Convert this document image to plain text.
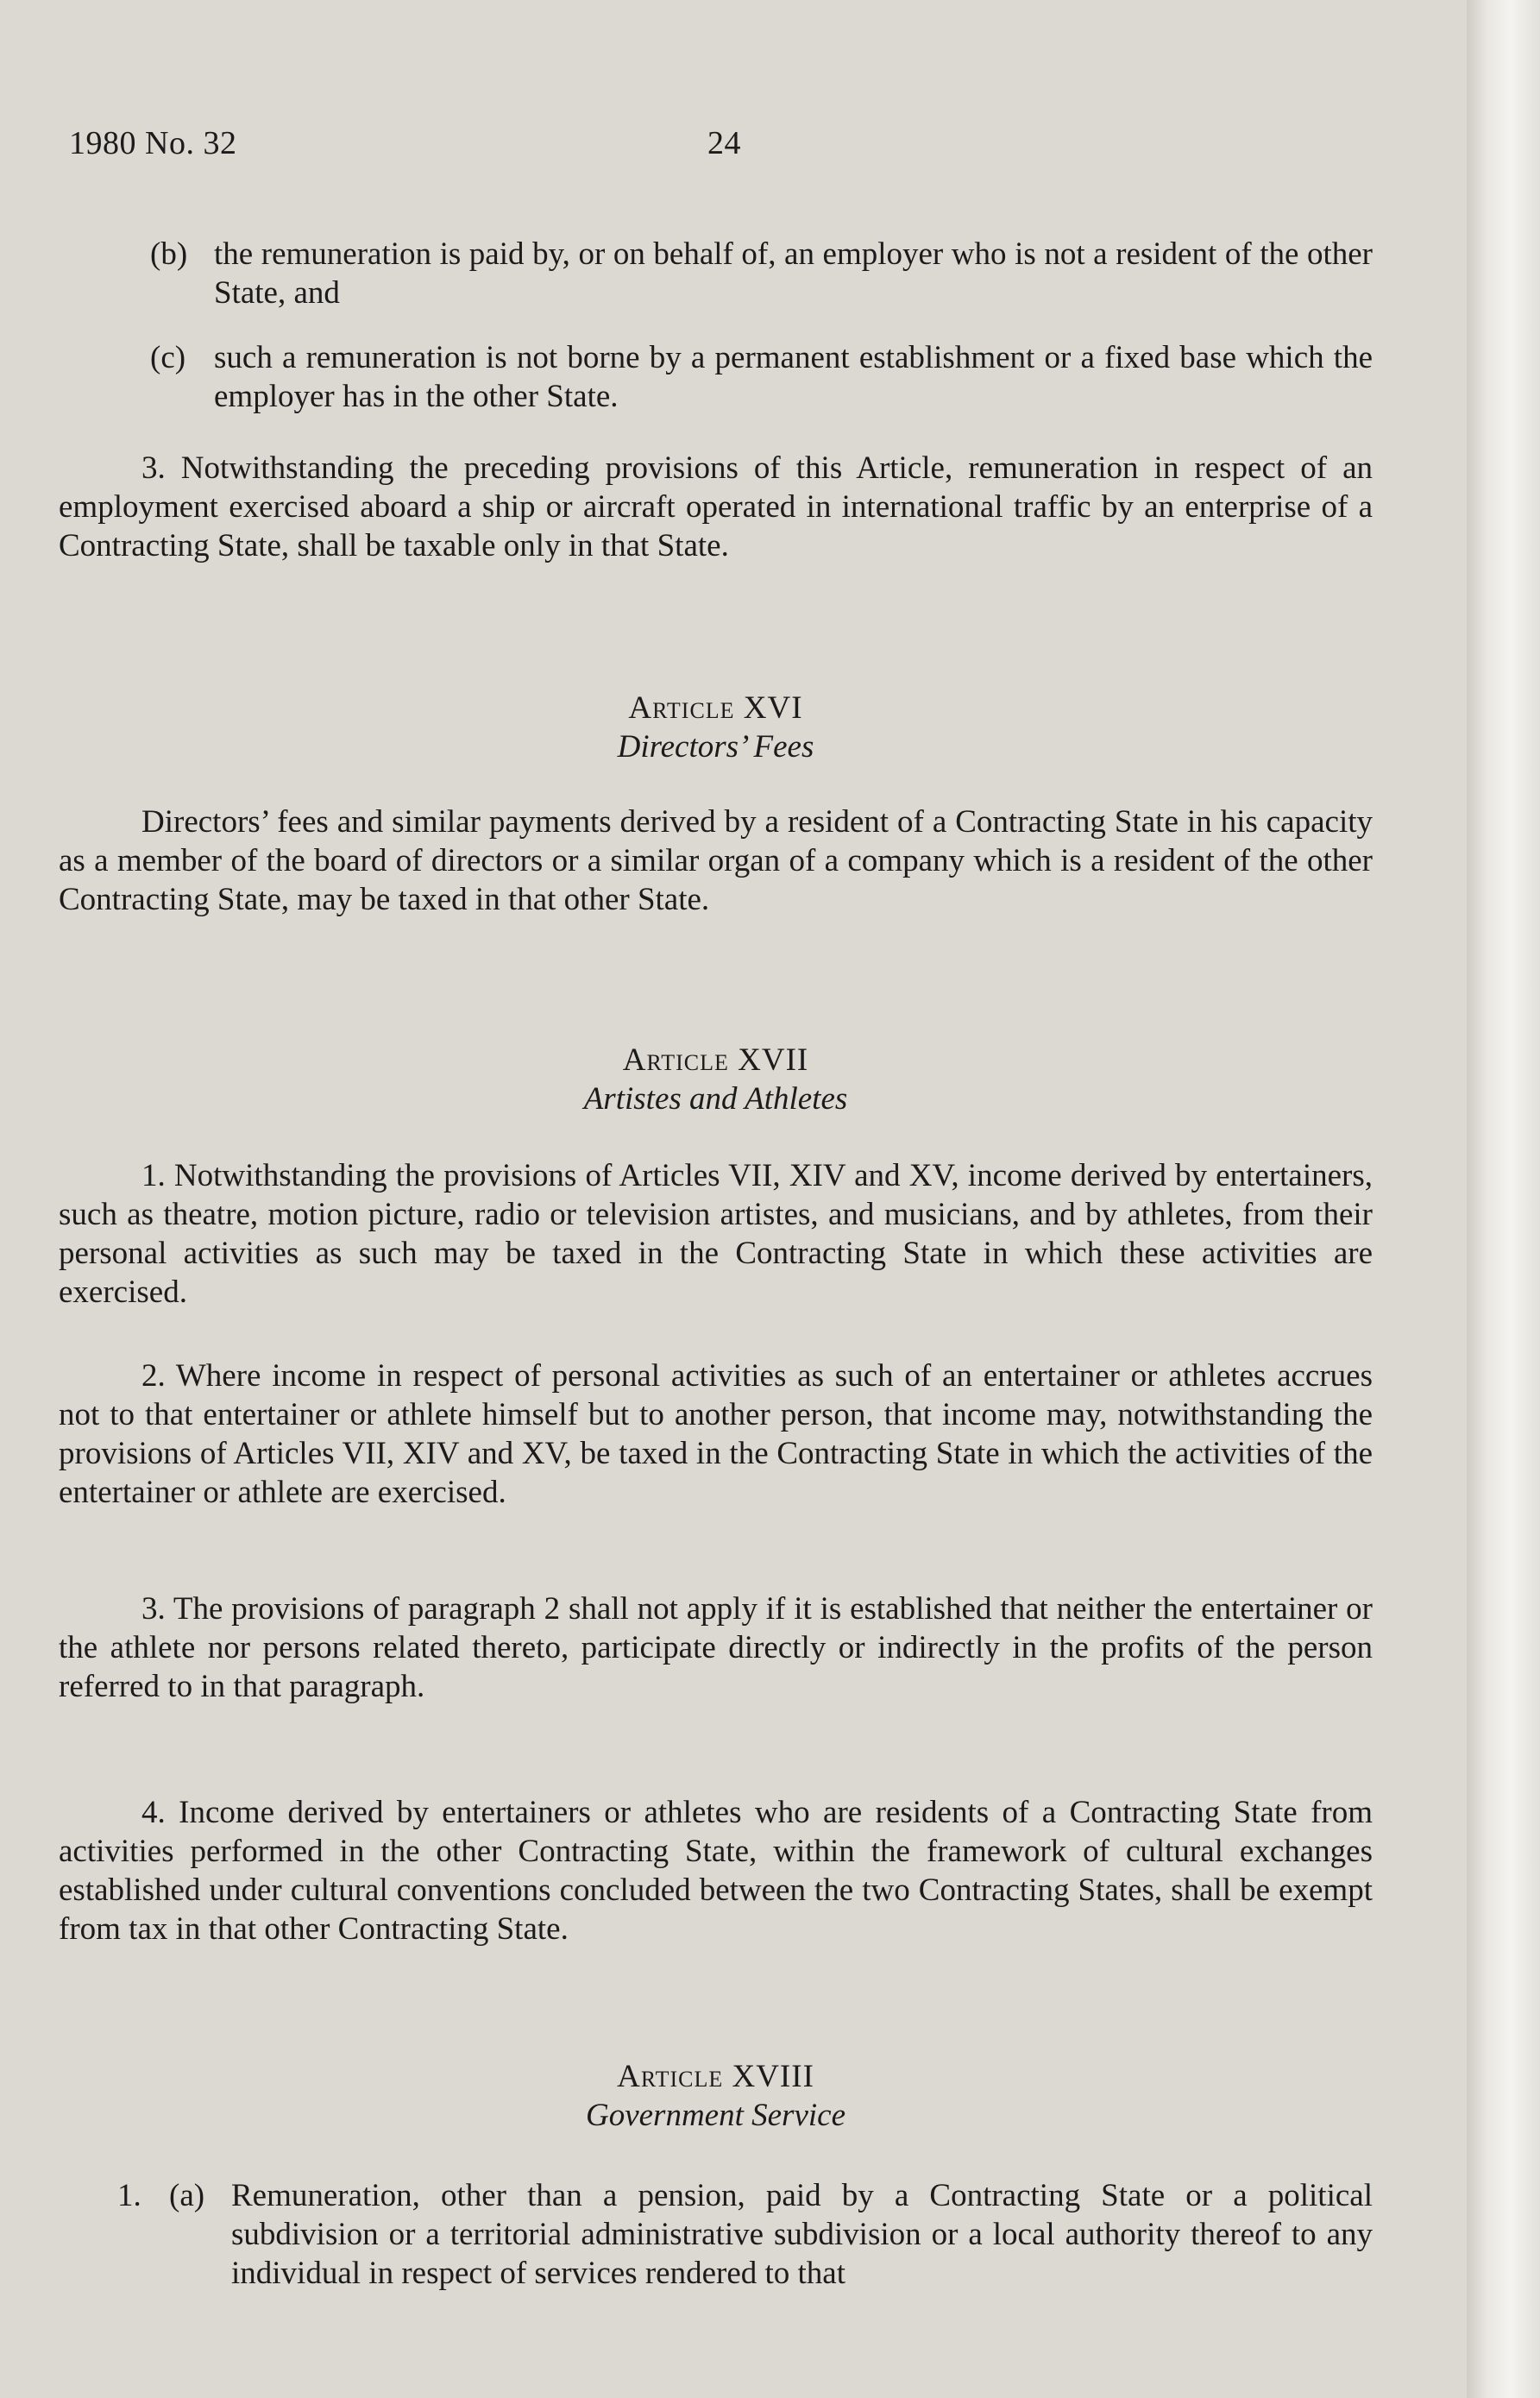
1980 No. 32	24
(b) the remuneration is paid by, or on behalf of, an employer who is not a resident of the other State, and
(c) such a remuneration is not borne by a permanent establishment or a fixed base which the employer has in the other State.

3. Notwithstanding the preceding provisions of this Article, remuneration in respect of an employment exercised aboard a ship or aircraft operated in international traffic by an enterprise of a Contracting State, shall be taxable only in that State.

Article XVI
Directors’ Fees

Directors’ fees and similar payments derived by a resident of a Contracting State in his capacity as a member of the board of directors or a similar organ of a company which is a resident of the other Contracting State, may be taxed in that other State.

Article XVII
Artistes and Athletes

1. Notwithstanding the provisions of Articles VII, XIV and XV, income derived by entertainers, such as theatre, motion picture, radio or television artistes, and musicians, and by athletes, from their personal activities as such may be taxed in the Contracting State in which these activities are exercised.

2. Where income in respect of personal activities as such of an entertainer or athletes accrues not to that entertainer or athlete himself but to another person, that income may, notwithstanding the provisions of Articles VII, XIV and XV, be taxed in the Contracting State in which the activities of the entertainer or athlete are exercised.

3. The provisions of paragraph 2 shall not apply if it is established that neither the entertainer or the athlete nor persons related thereto, participate directly or indirectly in the profits of the person referred to in that paragraph.

4. Income derived by entertainers or athletes who are residents of a Contracting State from activities performed in the other Contracting State, within the framework of cultural exchanges established under cultural conventions concluded between the two Contracting States, shall be exempt from tax in that other Contracting State.

Article XVIII
Government Service
1. (a) Remuneration, other than a pension, paid by a Contracting State or a political subdivision or a territorial administrative subdivision or a local authority thereof to any individual in respect of services rendered to that
